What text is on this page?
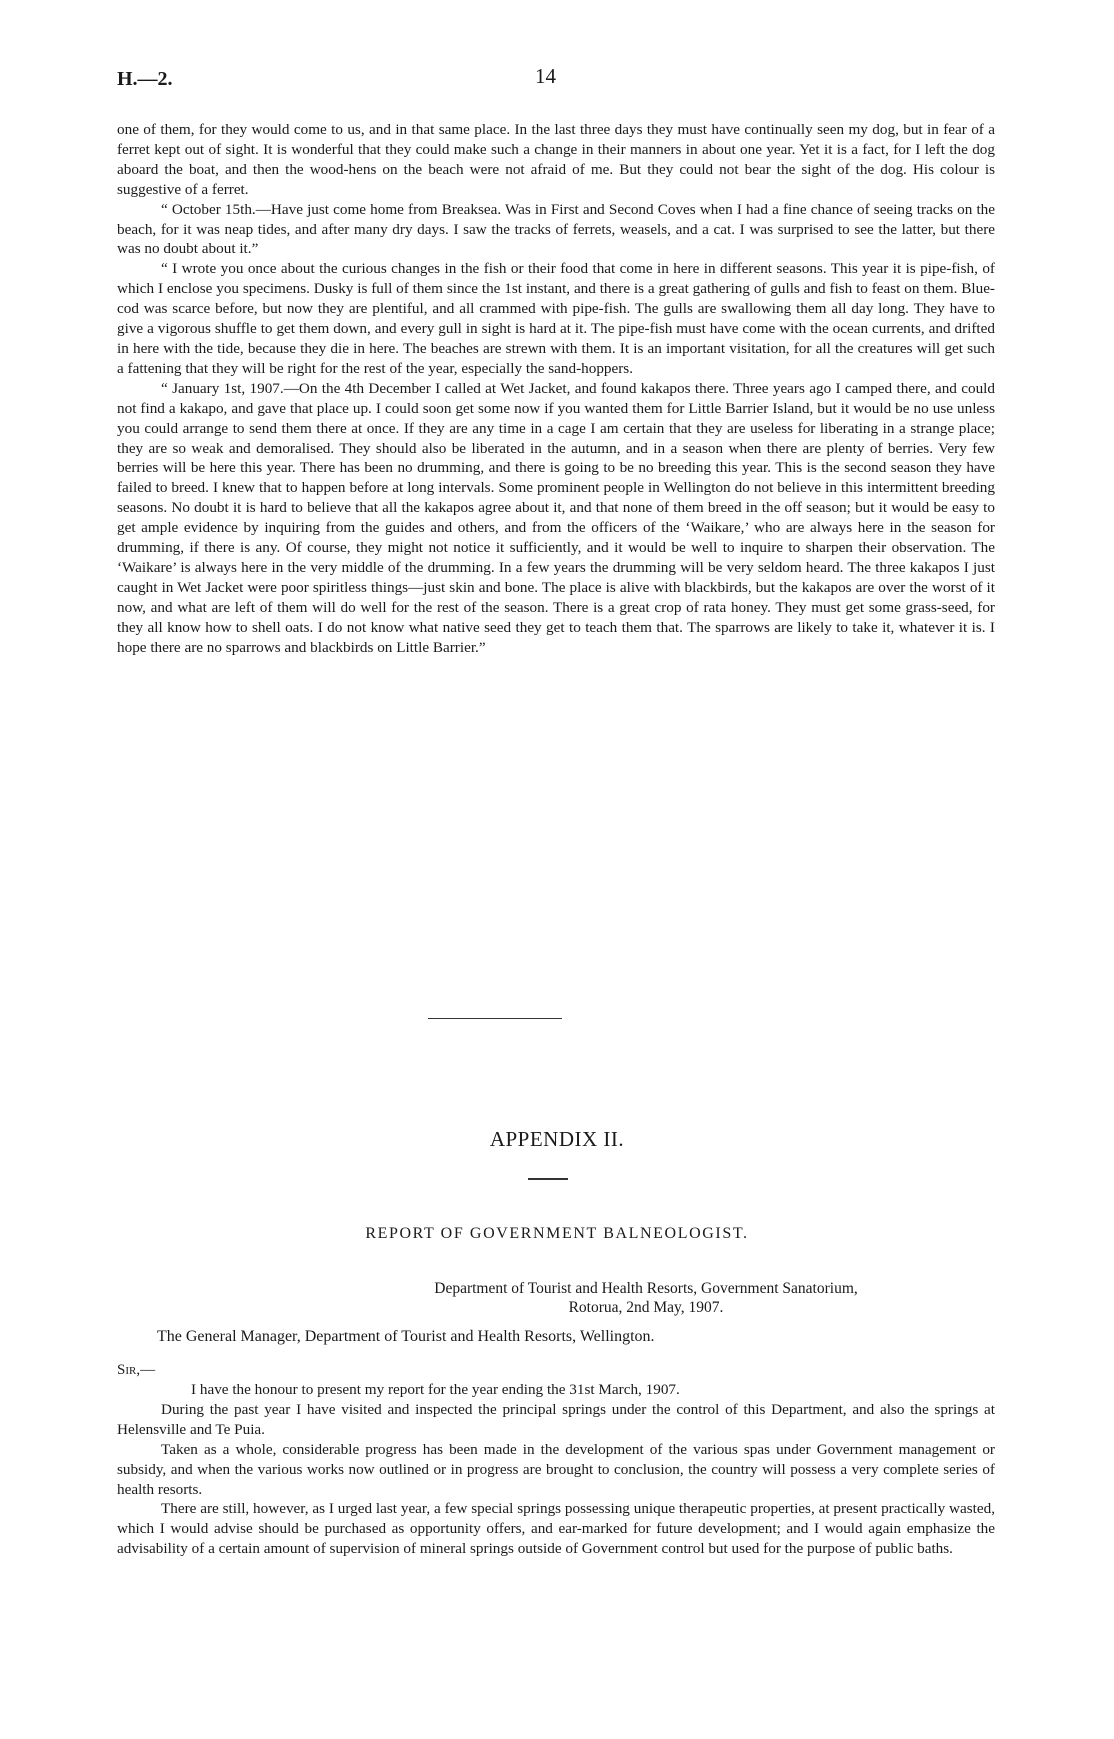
H.—2.	14

one of them, for they would come to us, and in that same place. In the last three days they must have continually seen my dog, but in fear of a ferret kept out of sight. It is wonderful that they could make such a change in their manners in about one year. Yet it is a fact, for I left the dog aboard the boat, and then the wood-hens on the beach were not afraid of me. But they could not bear the sight of the dog. His colour is suggestive of a ferret.

“ October 15th.—Have just come home from Breaksea. Was in First and Second Coves when I had a fine chance of seeing tracks on the beach, for it was neap tides, and after many dry days. I saw the tracks of ferrets, weasels, and a cat. I was surprised to see the latter, but there was no doubt about it.”

“ I wrote you once about the curious changes in the fish or their food that come in here in different seasons. This year it is pipe-fish, of which I enclose you specimens. Dusky is full of them since the 1st instant, and there is a great gathering of gulls and fish to feast on them. Blue-cod was scarce before, but now they are plentiful, and all crammed with pipe-fish. The gulls are swallowing them all day long. They have to give a vigorous shuffle to get them down, and every gull in sight is hard at it. The pipe-fish must have come with the ocean currents, and drifted in here with the tide, because they die in here. The beaches are strewn with them. It is an important visitation, for all the creatures will get such a fattening that they will be right for the rest of the year, especially the sand-hoppers.

“ January 1st, 1907.—On the 4th December I called at Wet Jacket, and found kakapos there. Three years ago I camped there, and could not find a kakapo, and gave that place up. I could soon get some now if you wanted them for Little Barrier Island, but it would be no use unless you could arrange to send them there at once. If they are any time in a cage I am certain that they are useless for liberating in a strange place; they are so weak and demoralised. They should also be liberated in the autumn, and in a season when there are plenty of berries. Very few berries will be here this year. There has been no drumming, and there is going to be no breeding this year. This is the second season they have failed to breed. I knew that to happen before at long intervals. Some prominent people in Wellington do not believe in this intermittent breeding seasons. No doubt it is hard to believe that all the kakapos agree about it, and that none of them breed in the off season; but it would be easy to get ample evidence by inquiring from the guides and others, and from the officers of the ‘Waikare,’ who are always here in the season for drumming, if there is any. Of course, they might not notice it sufficiently, and it would be well to inquire to sharpen their observation. The ‘Waikare’ is always here in the very middle of the drumming. In a few years the drumming will be very seldom heard. The three kakapos I just caught in Wet Jacket were poor spiritless things—just skin and bone. The place is alive with blackbirds, but the kakapos are over the worst of it now, and what are left of them will do well for the rest of the season. There is a great crop of rata honey. They must get some grass-seed, for they all know how to shell oats. I do not know what native seed they get to teach them that. The sparrows are likely to take it, whatever it is. I hope there are no sparrows and blackbirds on Little Barrier.”

APPENDIX II.
REPORT OF GOVERNMENT BALNEOLOGIST.
Department of Tourist and Health Resorts, Government Sanatorium,
Rotorua, 2nd May, 1907.
The General Manager, Department of Tourist and Health Resorts, Wellington.
Sir,—

I have the honour to present my report for the year ending the 31st March, 1907.

During the past year I have visited and inspected the principal springs under the control of this Department, and also the springs at Helensville and Te Puia.

Taken as a whole, considerable progress has been made in the development of the various spas under Government management or subsidy, and when the various works now outlined or in progress are brought to conclusion, the country will possess a very complete series of health resorts.

There are still, however, as I urged last year, a few special springs possessing unique therapeutic properties, at present practically wasted, which I would advise should be purchased as opportunity offers, and ear-marked for future development; and I would again emphasize the advisability of a certain amount of supervision of mineral springs outside of Government control but used for the purpose of public baths.
